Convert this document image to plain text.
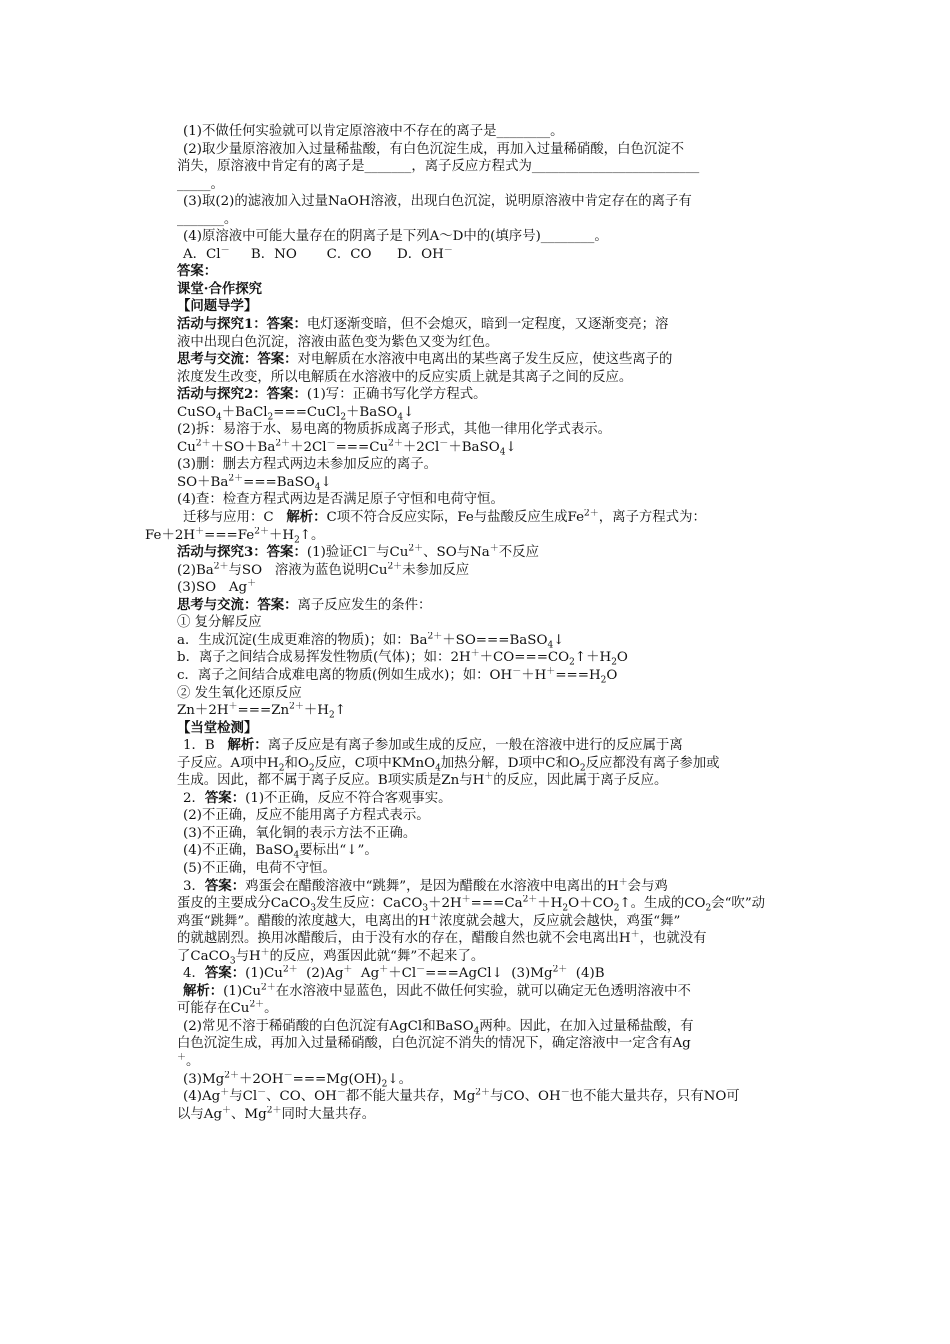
(1)不做任何实验就可以肯定原溶液中不存在的离子是________。
(2)取少量原溶液加入过量稀盐酸，有白色沉淀生成，再加入过量稀硝酸，白色沉淀不
消失，原溶液中肯定有的离子是_______，离子反应方程式为_________________________
_____。
(3)取(2)的滤液加入过量NaOH溶液，出现白色沉淀，说明原溶液中肯定存在的离子有
_______。
(4)原溶液中可能大量存在的阴离子是下列A～D中的(填序号)________。
A．Cl－     B．NO       C．CO      D．OH－
答案：
课堂·合作探究
【问题导学】
活动与探究1：答案：电灯逐渐变暗，但不会熄灭，暗到一定程度，又逐渐变亮；溶
液中出现白色沉淀，溶液由蓝色变为紫色又变为红色。
思考与交流：答案：对电解质在水溶液中电离出的某些离子发生反应，使这些离子的
浓度发生改变，所以电解质在水溶液中的反应实质上就是其离子之间的反应。
活动与探究2：答案：(1)写：正确书写化学方程式。
CuSO$_4$＋BaCl$_2$===CuCl$_2$＋BaSO$_4$↓
(2)拆：易溶于水、易电离的物质拆成离子形式，其他一律用化学式表示。
$Cu^{2+}+SO+Ba^{2+}+2Cl^-===Cu^{2+}+2Cl^-+BaSO_4↓$
(3)删：删去方程式两边未参加反应的离子。
$SO+Ba^{2+}===BaSO_4↓$
(4)查：检查方程式两边是否满足原子守恒和电荷守恒。
迁移与应用：C   解析：C项不符合反应实际，Fe与盐酸反应生成$Fe^{2+}$，离子方程式为：
$Fe+2H^+===Fe^{2+}+H_2↑$。
活动与探究3：答案：(1)验证Cl－与$Cu^{2+}$、SO与Na＋不反应
$(2)Ba^{2+}$与SO   溶液为蓝色说明$Cu^{2+}$未参加反应
(3)SO   Ag＋
思考与交流：答案：离子反应发生的条件：
① 复分解反应
a．生成沉淀(生成更难溶的物质)；如：$Ba^{2+}+SO===BaSO_4↓$
b．离子之间结合成易挥发性物质(气体)；如：$2H^++CO===CO_2↑+H_2O$
c．离子之间结合成难电离的物质(例如生成水)；如：$OH^-+H^+===H_2O$
② 发生氧化还原反应
$Zn+2H^+===Zn^{2+}+H_2↑$
【当堂检测】
1．B   解析：离子反应是有离子参加或生成的反应，一般在溶液中进行的反应属于离
子反应。A项中$H_2$和$O_2$反应，C项中KMnO$_4$加热分解，D项中C和$O_2$反应都没有离子参加或
生成。因此，都不属于离子反应。B项实质是Zn与H＋的反应，因此属于离子反应。
2．答案：(1)不正确，反应不符合客观事实。
(2)不正确，反应不能用离子方程式表示。
(3)不正确，氧化铜的表示方法不正确。
(4)不正确，BaSO$_4$要标出“↓”。
(5)不正确，电荷不守恒。
3．答案：鸡蛋会在醋酸溶液中“跳舞”，是因为醋酸在水溶液中电离出的H＋会与鸡
蛋皮的主要成分CaCO$_3$发生反应：$CaCO_3+2H^+===Ca^{2+}+H_2O+CO_2↑$。生成的$CO_2$会“吹”动
鸡蛋“跳舞”。醋酸的浓度越大，电离出的H＋浓度就会越大，反应就会越快，鸡蛋“舞”
的就越剧烈。换用冰醋酸后，由于没有水的存在，醋酸自然也就不会电离出H＋，也就没有
了CaCO$_3$与H＋的反应，鸡蛋因此就“舞”不起来了。
4．答案：$(1)Cu^{2+}$  (2)Ag＋  Ag＋＋Cl－===AgCl↓  $(3)Mg^{2+}$  (4)B
解析：$(1)Cu^{2+}$在水溶液中显蓝色，因此不做任何实验，就可以确定无色透明溶液中不
可能存在$Cu^{2+}$。
(2)常见不溶于稀硝酸的白色沉淀有AgCl和BaSO$_4$两种。因此，在加入过量稀盐酸，有
白色沉淀生成，再加入过量稀硝酸，白色沉淀不消失的情况下，确定溶液中一定含有Ag
＋。
$(3)Mg^{2+}+2OH^-===Mg(OH)_2↓$。
(4)Ag＋与Cl－、CO、OH－都不能大量共存，$Mg^{2+}$与CO、OH－也不能大量共存，只有NO可
以与Ag＋、$Mg^{2+}$同时大量共存。
